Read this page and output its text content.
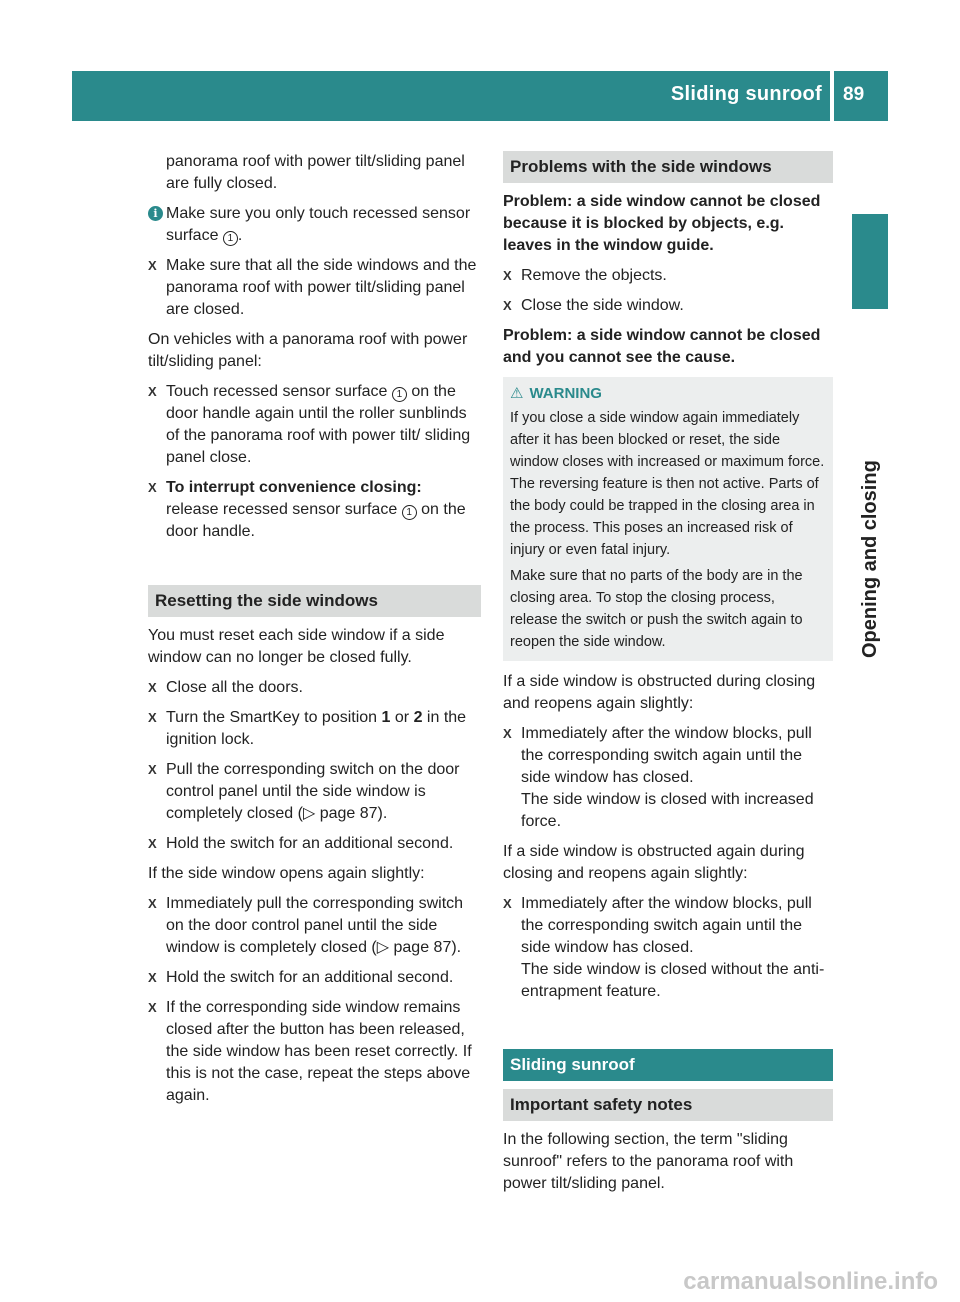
Sliding sunroof 89
Opening and closing

panorama roof with power tilt/sliding panel are fully closed.

i Make sure you only touch recessed sensor surface 1 .
X Make sure that all the side windows and the panorama roof with power tilt/sliding panel are closed.

On vehicles with a panorama roof with power tilt/sliding panel:

X Touch recessed sensor surface 1 on the door handle again until the roller sunblinds of the panorama roof with power tilt/ sliding panel close.
X To interrupt convenience closing:
release recessed sensor surface 1 on the door handle.
Resetting the side windows

You must reset each side window if a side window can no longer be closed fully.

X Close all the doors.
X Turn the SmartKey to position 1 or 2 in the ignition lock.
X Pull the corresponding switch on the door control panel until the side window is completely closed (▷ page 87).
X Hold the switch for an additional second.

If the side window opens again slightly:

X Immediately pull the corresponding switch on the door control panel until the side window is completely closed (▷ page 87).
X Hold the switch for an additional second.
X If the corresponding side window remains closed after the button has been released, the side window has been reset correctly. If this is not the case, repeat the steps above again.
Problems with the side windows

Problem: a side window cannot be closed because it is blocked by objects, e.g. leaves in the window guide.

X Remove the objects.
X Close the side window.

Problem: a side window cannot be closed and you cannot see the cause.

⚠ WARNING

If you close a side window again immediately after it has been blocked or reset, the side window closes with increased or maximum force. The reversing feature is then not active. Parts of the body could be trapped in the closing area in the process. This poses an increased risk of injury or even fatal injury.

Make sure that no parts of the body are in the closing area. To stop the closing process, release the switch or push the switch again to reopen the side window.

If a side window is obstructed during closing and reopens again slightly:

X Immediately after the window blocks, pull the corresponding switch again until the side window has closed.
The side window is closed with increased force.

If a side window is obstructed again during closing and reopens again slightly:

X Immediately after the window blocks, pull the corresponding switch again until the side window has closed.
The side window is closed without the anti-entrapment feature.
Sliding sunroof
Important safety notes

In the following section, the term "sliding sunroof" refers to the panorama roof with power tilt/sliding panel.

carmanualsonline.info
